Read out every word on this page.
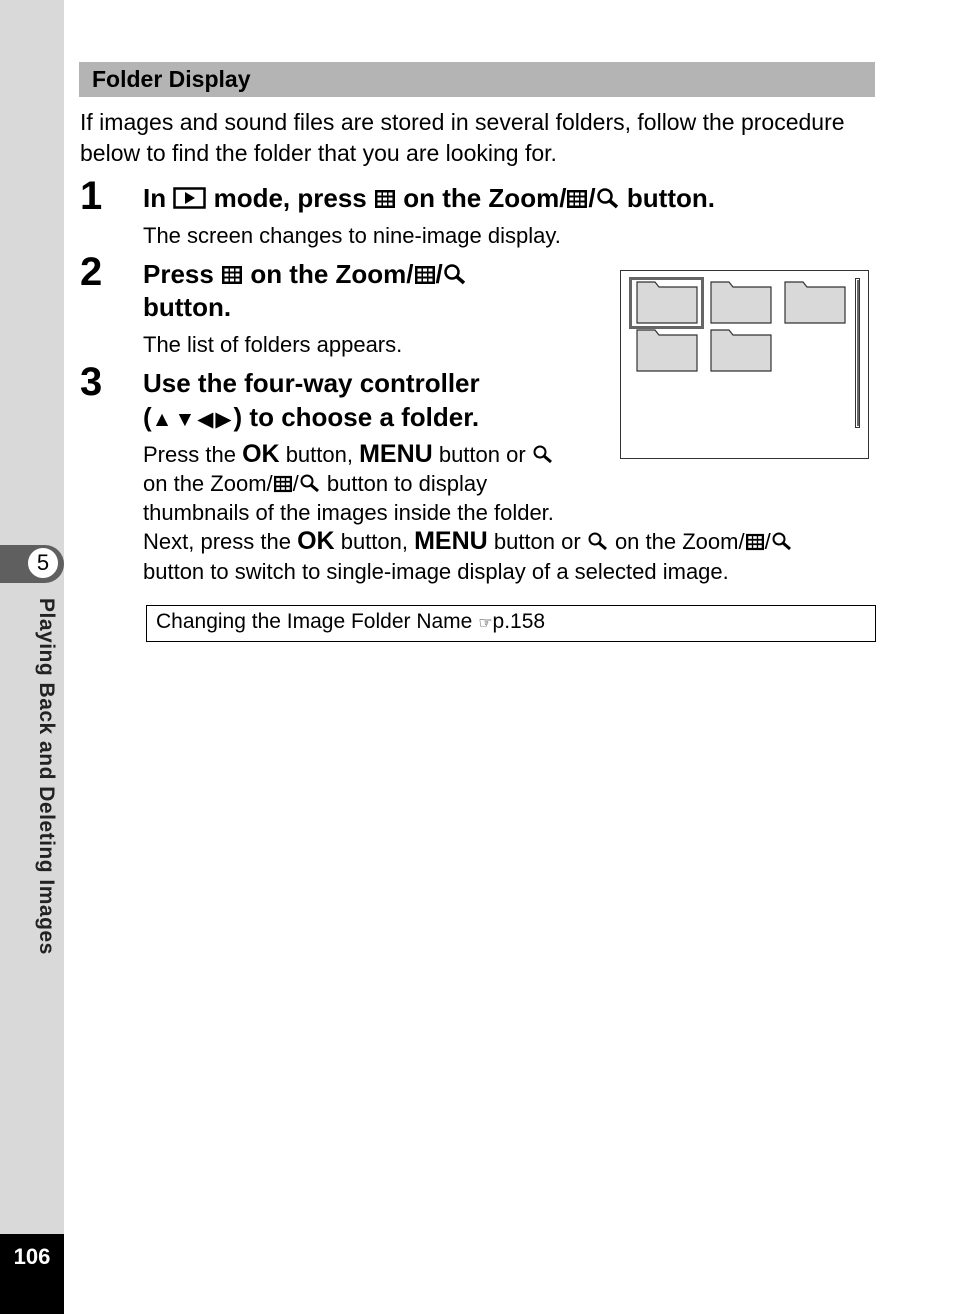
5
Playing Back and Deleting Images
106
Folder Display
If images and sound files are stored in several folders, follow the procedure below to find the folder that you are looking for.
1 In mode, press on the Zoom/ / button.
The screen changes to nine-image display.
2 Press on the Zoom/ /
button.
The list of folders appears.
3 Use the four-way controller
(▲▼◀▶) to choose a folder.
Press the OK button, MENU button or
on the Zoom/ / button to display
thumbnails of the images inside the folder.
Next, press the OK button, MENU button or on the Zoom/ /
button to switch to single-image display of a selected image.
Changing the Image Folder Name ☞p.158
